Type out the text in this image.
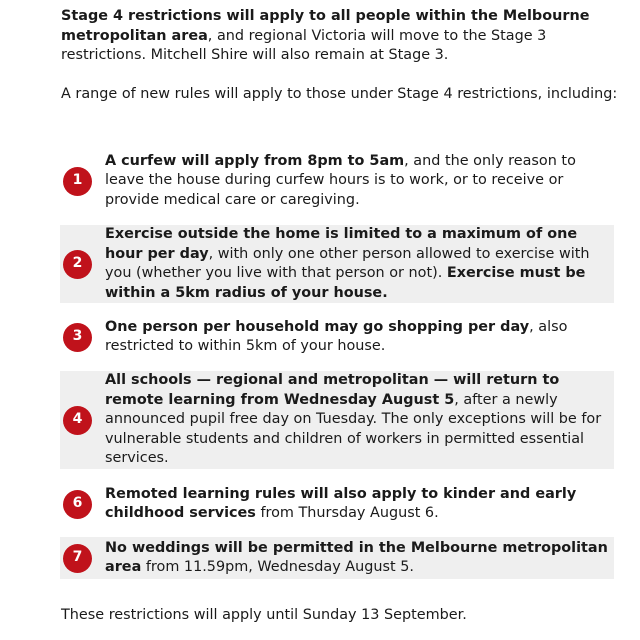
Stage 4 restrictions will apply to all people within the Melbourne metropolitan area, and regional Victoria will move to the Stage 3 restrictions. Mitchell Shire will also remain at Stage 3.

A range of new rules will apply to those under Stage 4 restrictions, including:

1
A curfew will apply from 8pm to 5am, and the only reason to leave the house during curfew hours is to work, or to receive or provide medical care or caregiving.
2
Exercise outside the home is limited to a maximum of one hour per day, with only one other person allowed to exercise with you (whether you live with that person or not). Exercise must be within a 5km radius of your house.
3
One person per household may go shopping per day, also restricted to within 5km of your house.
4
All schools — regional and metropolitan — will return to remote learning from Wednesday August 5, after a newly announced pupil free day on Tuesday. The only exceptions will be for vulnerable students and children of workers in permitted essential services.
6
Remoted learning rules will also apply to kinder and early childhood services from Thursday August 6.
7
No weddings will be permitted in the Melbourne metropolitan area from 11.59pm, Wednesday August 5.

These restrictions will apply until Sunday 13 September.
